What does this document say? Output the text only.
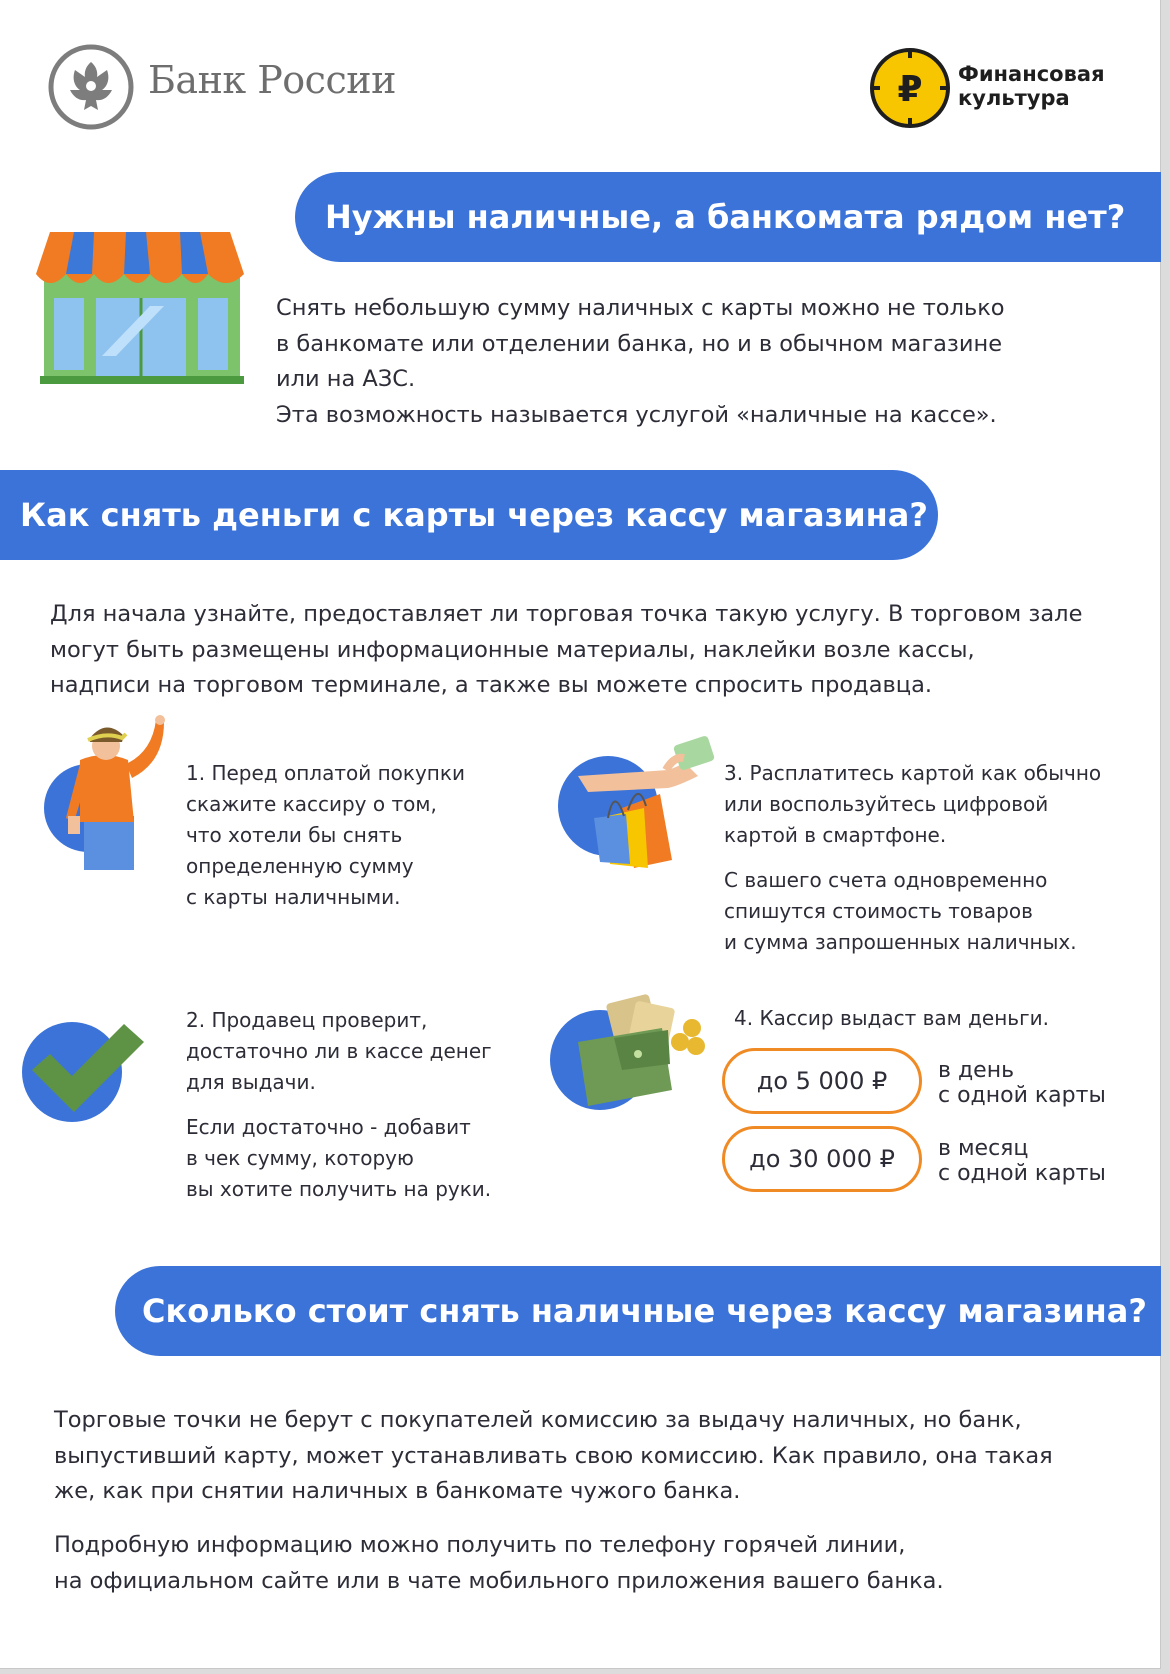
Банк России	₽ Финансовая
культура
Нужны наличные, а банкомата рядом нет?

Снять небольшую сумму наличных с карты можно не только

в банкомате или отделении банка, но и в обычном магазине

или на АЗС.

Эта возможность называется услугой «наличные на кассе».

Как снять деньги с карты через кассу магазина?

Для начала узнайте, предоставляет ли торговая точка такую услугу. В торговом зале

могут быть размещены информационные материалы, наклейки возле кассы,

надписи на торговом терминале, а также вы можете спросить продавца.

1. Перед оплатой покупки

скажите кассиру о том,

что хотели бы снять

определенную сумму

с карты наличными.

2. Продавец проверит,

достаточно ли в кассе денег

для выдачи.

Если достаточно - добавит

в чек сумму, которую

вы хотите получить на руки.

3. Расплатитесь картой как обычно

или воспользуйтесь цифровой

картой в смартфоне.

С вашего счета одновременно

спишутся стоимость товаров

и сумма запрошенных наличных.

4. Кассир выдаст вам деньги.
до 5 000 ₽	в день
с одной карты
до 30 000 ₽	в месяц
с одной карты
Сколько стоит снять наличные через кассу магазина?

Торговые точки не берут с покупателей комиссию за выдачу наличных, но банк,

выпустивший карту, может устанавливать свою комиссию. Как правило, она такая

же, как при снятии наличных в банкомате чужого банка.

Подробную информацию можно получить по телефону горячей линии,

на официальном сайте или в чате мобильного приложения вашего банка.
